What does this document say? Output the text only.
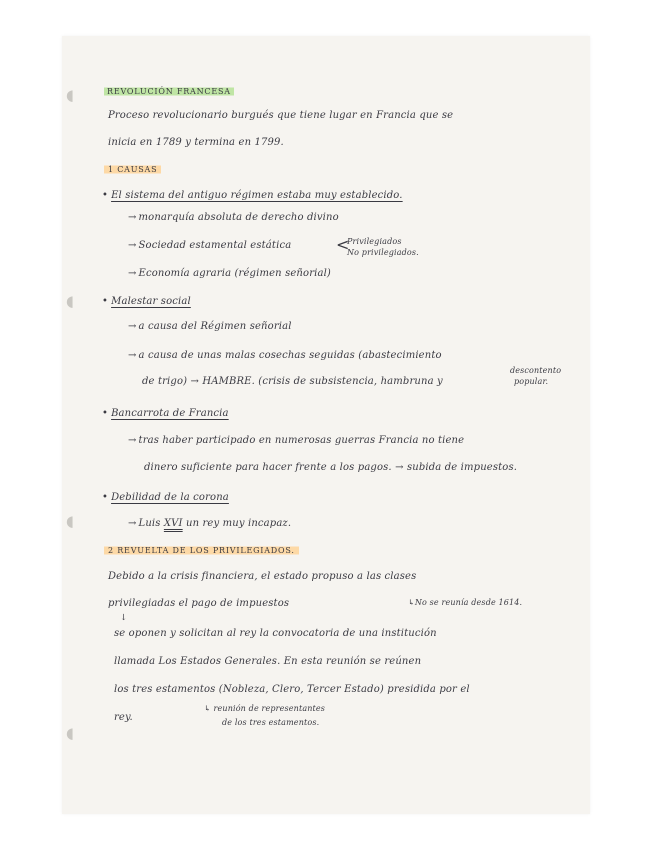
◖
◖
◖
◖
REVOLUCIÓN FRANCESA
Proceso revolucionario burgués que tiene lugar en Francia que se
inicia en 1789 y termina en 1799.
1 CAUSAS
• El sistema del antiguo régimen estaba muy establecido.
→ monarquía absoluta de derecho divino
→ Sociedad estamental estática	<
Privilegiados
No privilegiados.
→ Economía agraria (régimen señorial)
• Malestar social
→ a causa del Régimen señorial
→ a causa de unas malas cosechas seguidas (abastecimiento
de trigo) → HAMBRE. (crisis de subsistencia, hambruna y
descontento
popular.
• Bancarrota de Francia
→ tras haber participado en numerosas guerras Francia no tiene
dinero suficiente para hacer frente a los pagos. → subida de impuestos.
• Debilidad de la corona
→ Luis XVI un rey muy incapaz.
2 REVUELTA DE LOS PRIVILEGIADOS.
Debido a la crisis financiera, el estado propuso a las clases
privilegiadas el pago de impuestos	↳No se reunía desde 1614.
↓
se oponen y solicitan al rey la convocatoria de una institución
llamada Los Estados Generales. En esta reunión se reúnen
los tres estamentos (Nobleza, Clero, Tercer Estado) presidida por el
rey.
↳ reunión de representantes
de los tres estamentos.
